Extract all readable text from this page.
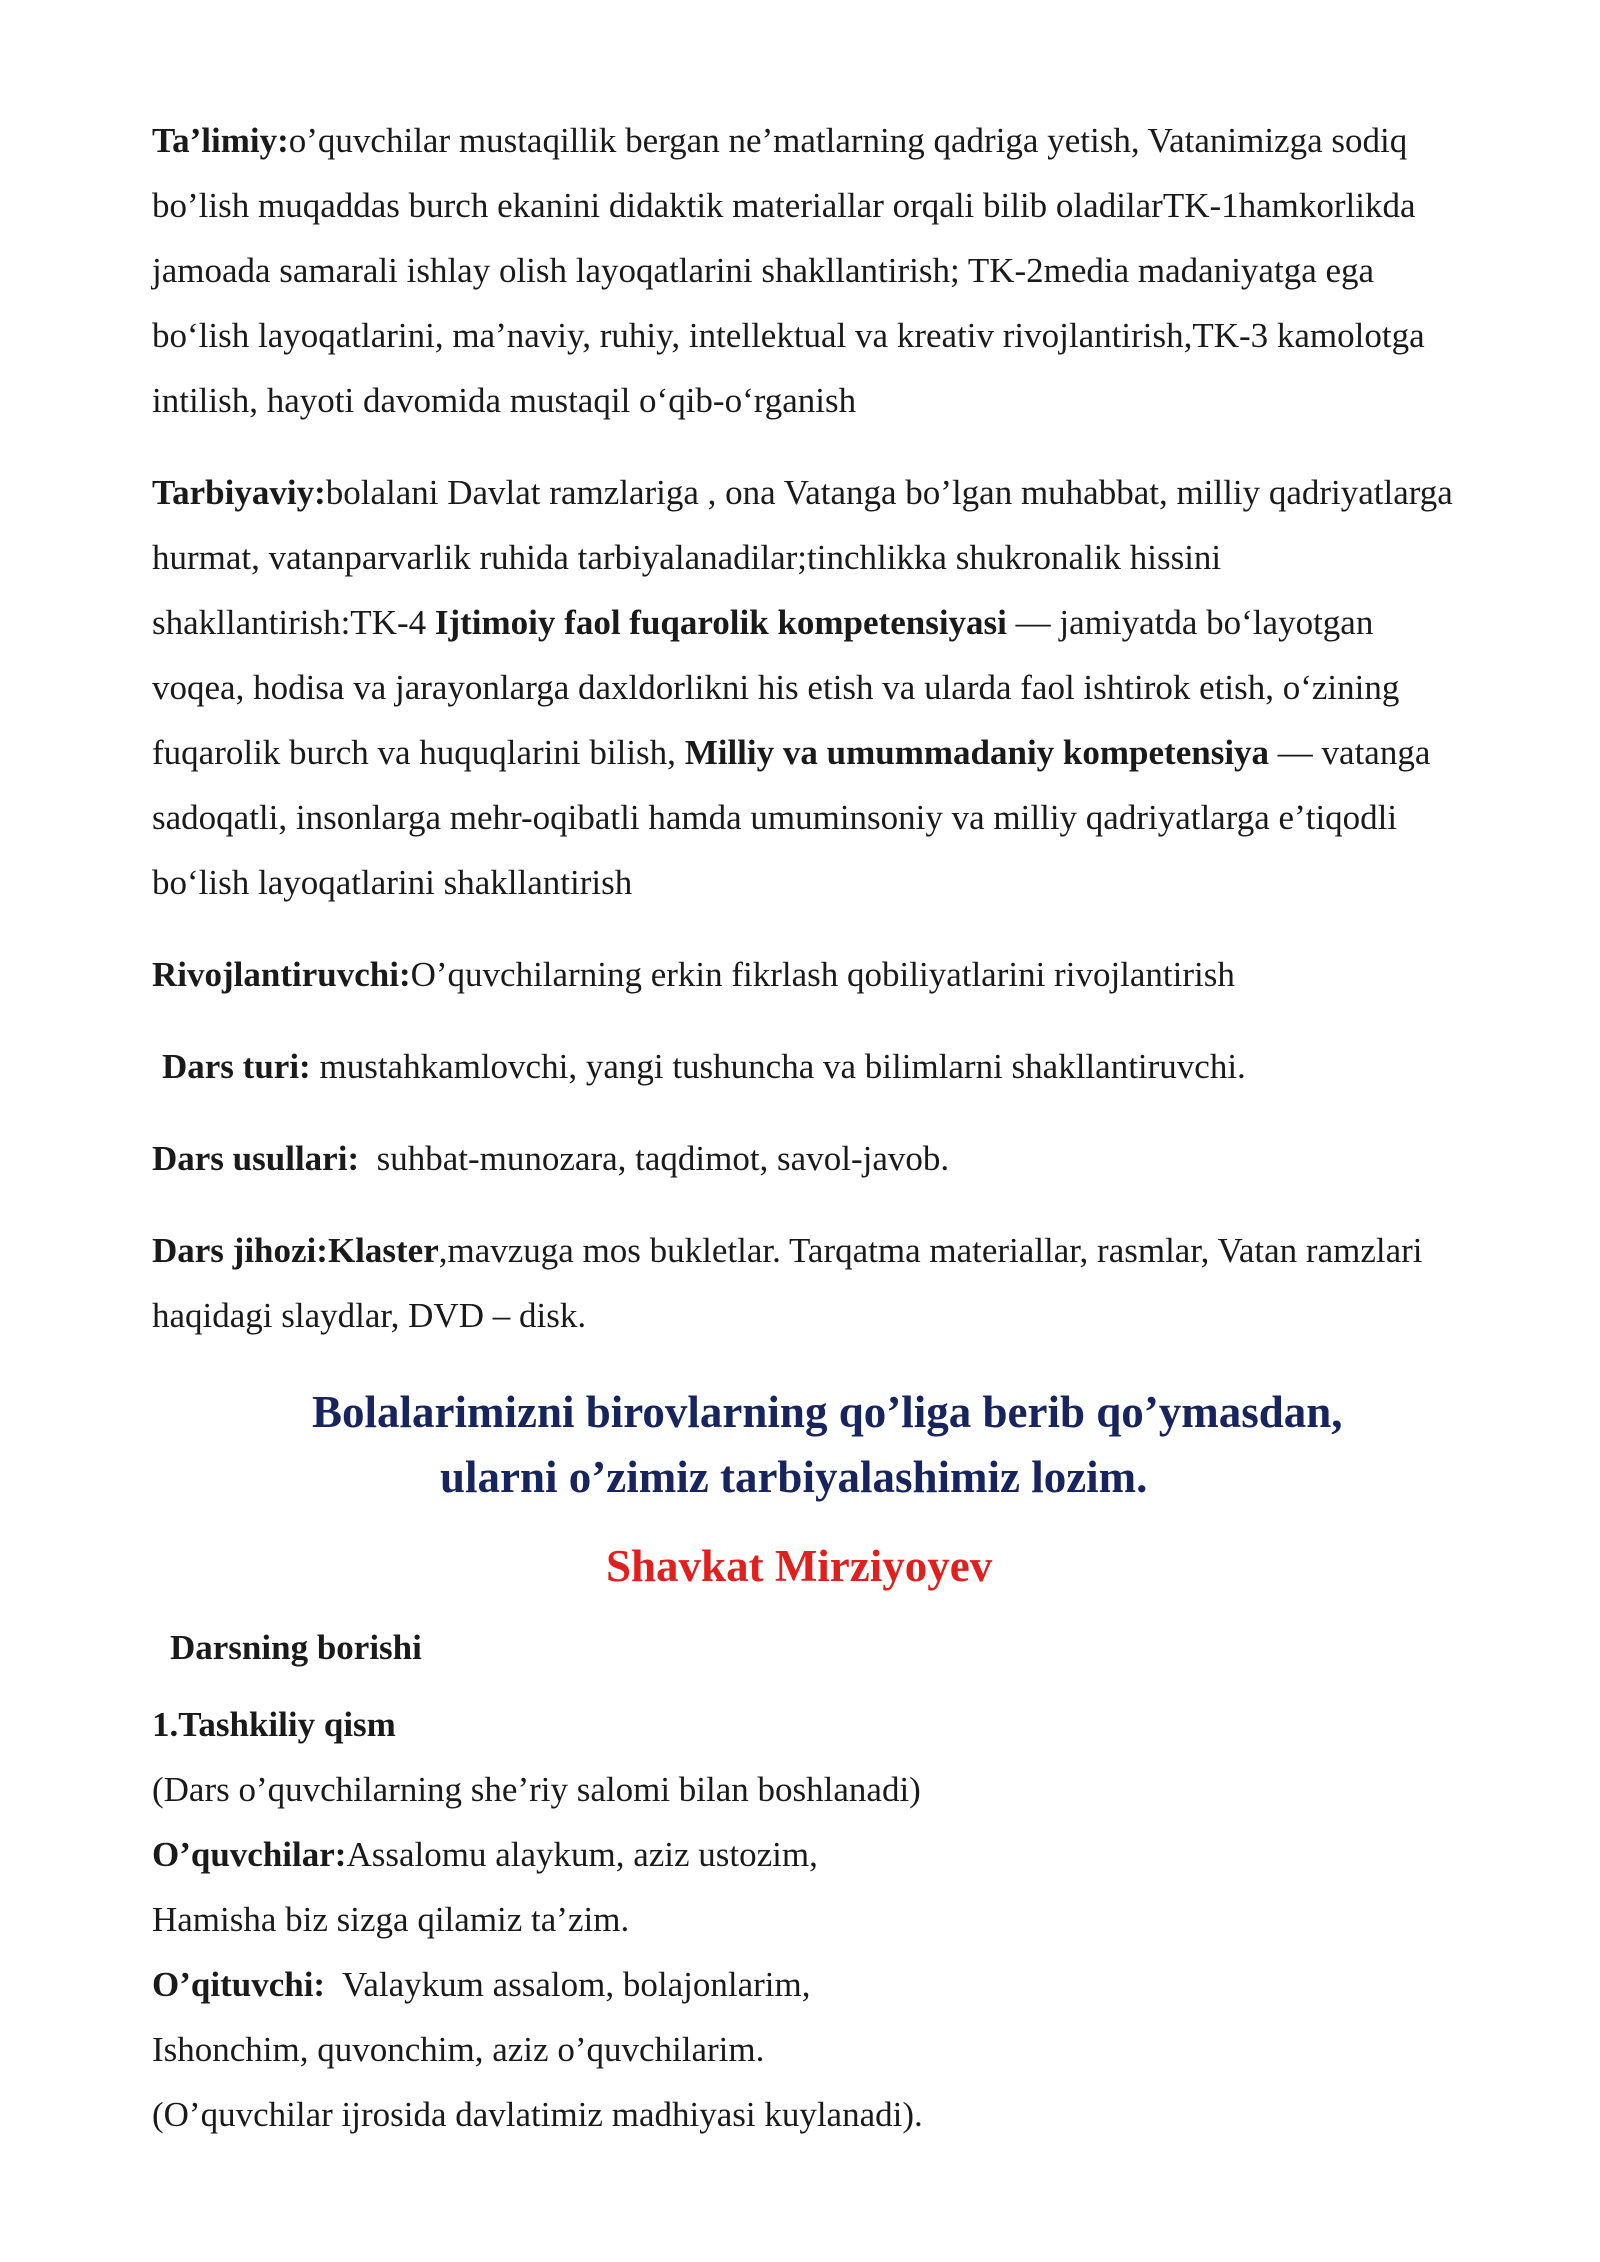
Ta’limiy:o’quvchilar mustaqillik bergan ne’matlarning qadriga yetish, Vatanimizga sodiq bo’lish muqaddas burch ekanini didaktik materiallar orqali bilib oladilarTK-1hamkorlikda jamoada samarali ishlay olish layoqatlarini shakllantirish; TK-2media madaniyatga ega boʻlish layoqatlarini, maʼnaviy, ruhiy, intellektual va kreativ rivojlantirish,TK-3 kamolotga intilish, hayoti davomida mustaqil oʻqib-oʻrganish

Tarbiyaviy:bolalani Davlat ramzlariga , ona Vatanga bo’lgan muhabbat, milliy qadriyatlarga hurmat, vatanparvarlik ruhida tarbiyalanadilar;tinchlikka shukronalik hissini shakllantirish:TK-4 Ijtimoiy faol fuqarolik kompetensiyasi — jamiyatda boʻlayotgan voqea, hodisa va jarayonlarga daxldorlikni his etish va ularda faol ishtirok etish, oʻzining fuqarolik burch va huquqlarini bilish, Milliy va umummadaniy kompetensiya — vatanga sadoqatli, insonlarga mehr-oqibatli hamda umuminsoniy va milliy qadriyatlarga eʼtiqodli boʻlish layoqatlarini shakllantirish

Rivojlantiruvchi:O’quvchilarning erkin fikrlash qobiliyatlarini rivojlantirish

Dars turi: mustahkamlovchi, yangi tushuncha va bilimlarni shakllantiruvchi.

Dars usullari:  suhbat-munozara, taqdimot, savol-javob.

Dars jihozi:Klaster,mavzuga mos bukletlar. Tarqatma materiallar, rasmlar, Vatan ramzlari haqidagi slaydlar, DVD – disk.

Bolalarimizni birovlarning qo’liga berib qo’ymasdan,
ularni o’zimiz tarbiyalashimiz lozim.
Shavkat Mirziyoyev
Darsning borishi
1.Tashkiliy qism
(Dars o’quvchilarning she’riy salomi bilan boshlanadi)
O’quvchilar:Assalomu alaykum, aziz ustozim,
Hamisha biz sizga qilamiz ta’zim.
O’qituvchi:  Valaykum assalom, bolajonlarim,
Ishonchim, quvonchim, aziz o’quvchilarim.
(O’quvchilar ijrosida davlatimiz madhiyasi kuylanadi).
